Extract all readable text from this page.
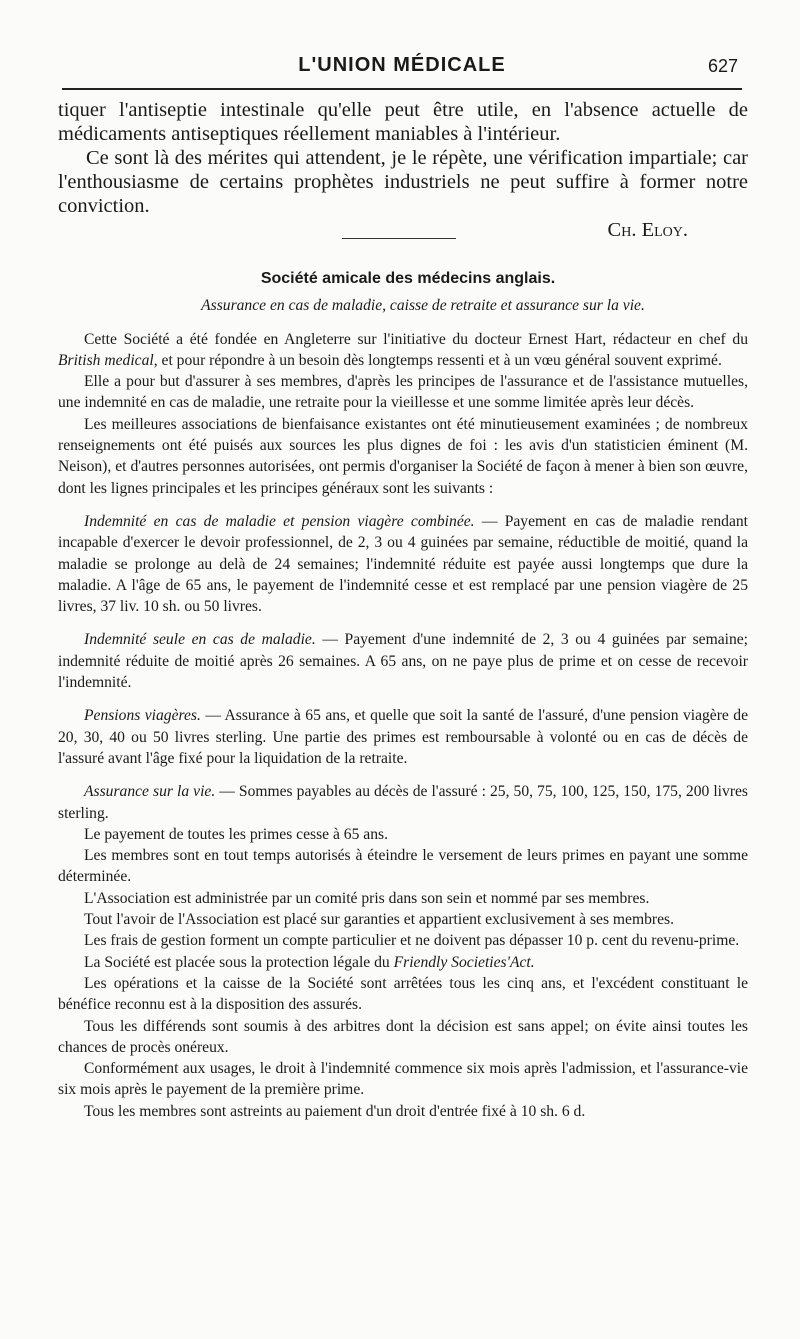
L'UNION MÉDICALE	627

tiquer l'antiseptie intestinale qu'elle peut être utile, en l'absence actuelle de médicaments antiseptiques réellement maniables à l'intérieur.

Ce sont là des mérites qui attendent, je le répète, une vérification impartiale; car l'enthousiasme de certains prophètes industriels ne peut suffire à former notre conviction.

Ch. Eloy.
Société amicale des médecins anglais.
Assurance en cas de maladie, caisse de retraite et assurance sur la vie.

Cette Société a été fondée en Angleterre sur l'initiative du docteur Ernest Hart, rédacteur en chef du British medical, et pour répondre à un besoin dès longtemps ressenti et à un vœu général souvent exprimé.

Elle a pour but d'assurer à ses membres, d'après les principes de l'assurance et de l'assistance mutuelles, une indemnité en cas de maladie, une retraite pour la vieillesse et une somme limitée après leur décès.

Les meilleures associations de bienfaisance existantes ont été minutieusement examinées ; de nombreux renseignements ont été puisés aux sources les plus dignes de foi : les avis d'un statisticien éminent (M. Neison), et d'autres personnes autorisées, ont permis d'organiser la Société de façon à mener à bien son œuvre, dont les lignes principales et les principes généraux sont les suivants :

Indemnité en cas de maladie et pension viagère combinée. — Payement en cas de maladie rendant incapable d'exercer le devoir professionnel, de 2, 3 ou 4 guinées par semaine, réductible de moitié, quand la maladie se prolonge au delà de 24 semaines; l'indemnité réduite est payée aussi longtemps que dure la maladie. A l'âge de 65 ans, le payement de l'indemnité cesse et est remplacé par une pension viagère de 25 livres, 37 liv. 10 sh. ou 50 livres.

Indemnité seule en cas de maladie. — Payement d'une indemnité de 2, 3 ou 4 guinées par semaine; indemnité réduite de moitié après 26 semaines. A 65 ans, on ne paye plus de prime et on cesse de recevoir l'indemnité.

Pensions viagères. — Assurance à 65 ans, et quelle que soit la santé de l'assuré, d'une pension viagère de 20, 30, 40 ou 50 livres sterling. Une partie des primes est remboursable à volonté ou en cas de décès de l'assuré avant l'âge fixé pour la liquidation de la retraite.

Assurance sur la vie. — Sommes payables au décès de l'assuré : 25, 50, 75, 100, 125, 150, 175, 200 livres sterling.

Le payement de toutes les primes cesse à 65 ans.

Les membres sont en tout temps autorisés à éteindre le versement de leurs primes en payant une somme déterminée.

L'Association est administrée par un comité pris dans son sein et nommé par ses membres.

Tout l'avoir de l'Association est placé sur garanties et appartient exclusivement à ses membres.

Les frais de gestion forment un compte particulier et ne doivent pas dépasser 10 p. cent du revenu-prime.

La Société est placée sous la protection légale du Friendly Societies'Act.

Les opérations et la caisse de la Société sont arrêtées tous les cinq ans, et l'excédent constituant le bénéfice reconnu est à la disposition des assurés.

Tous les différends sont soumis à des arbitres dont la décision est sans appel; on évite ainsi toutes les chances de procès onéreux.

Conformément aux usages, le droit à l'indemnité commence six mois après l'admission, et l'assurance-vie six mois après le payement de la première prime.

Tous les membres sont astreints au paiement d'un droit d'entrée fixé à 10 sh. 6 d.
